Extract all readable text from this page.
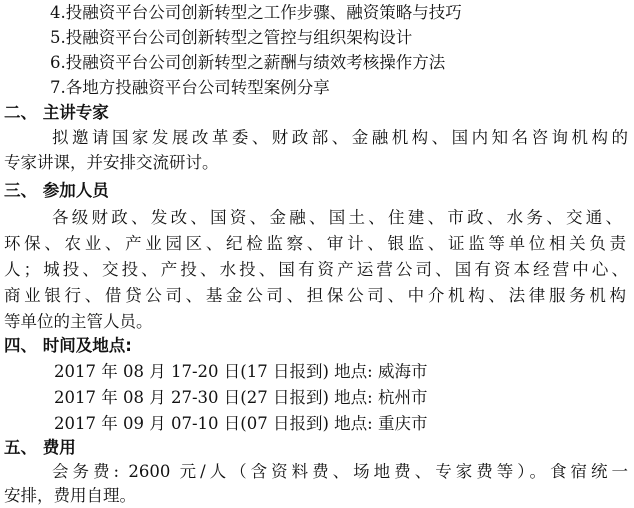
4.投融资平台公司创新转型之工作步骤、融资策略与技巧
5.投融资平台公司创新转型之管控与组织架构设计
6.投融资平台公司创新转型之薪酬与绩效考核操作方法
7.各地方投融资平台公司转型案例分享
二、 主讲专家
拟邀请国家发展改革委、财政部、金融机构、国内知名咨询机构的
专家讲课，并安排交流研讨。
三、 参加人员
各级财政、发改、国资、金融、国土、住建、市政、水务、交通、
环保、农业、产业园区、纪检监察、审计、银监、证监等单位相关负责
人；城投、交投、产投、水投、国有资产运营公司、国有资本经营中心、
商业银行、借贷公司、基金公司、担保公司、中介机构、法律服务机构
等单位的主管人员。
四、 时间及地点:
2017 年 08 月 17-20 日(17 日报到) 地点: 威海市
2017 年 08 月 27-30 日(27 日报到) 地点: 杭州市
2017 年 09 月 07-10 日(07 日报到) 地点: 重庆市
五、 费用
会务费: 2600 元/人（含资料费、场地费、专家费等）。食宿统一
安排，费用自理。
